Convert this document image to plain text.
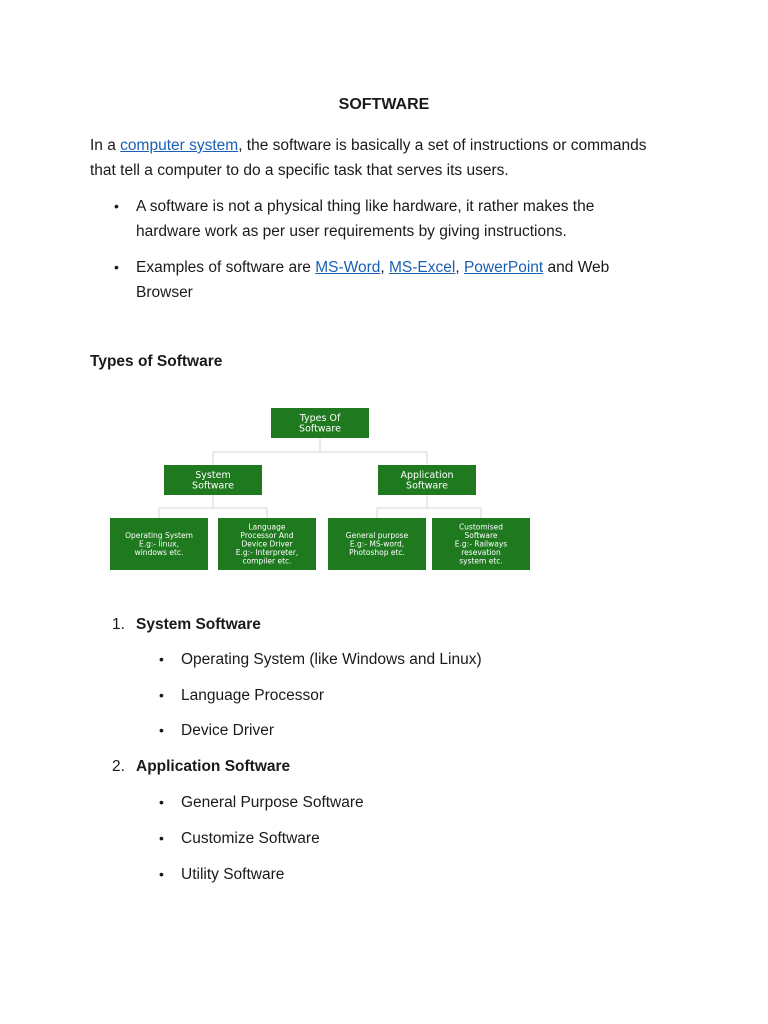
SOFTWARE
In a computer system, the software is basically a set of instructions or commands
that tell a computer to do a specific task that serves its users.
• A software is not a physical thing like hardware, it rather makes the
hardware work as per user requirements by giving instructions.
• Examples of software are MS-Word, MS-Excel, PowerPoint and Web
Browser
Types of Software
Types Of
Software
System
Software
Application
Software
Operating System
E.g:- linux,
windows etc.
Language
Processor And
Device Driver
E.g:- Interpreter,
compiler etc.
General purpose
E.g:- MS-word,
Photoshop etc.
Customised
Software
E.g:- Railways
resevation
system etc.
1. System Software
• Operating System (like Windows and Linux)
• Language Processor
• Device Driver
2. Application Software
• General Purpose Software
• Customize Software
• Utility Software
